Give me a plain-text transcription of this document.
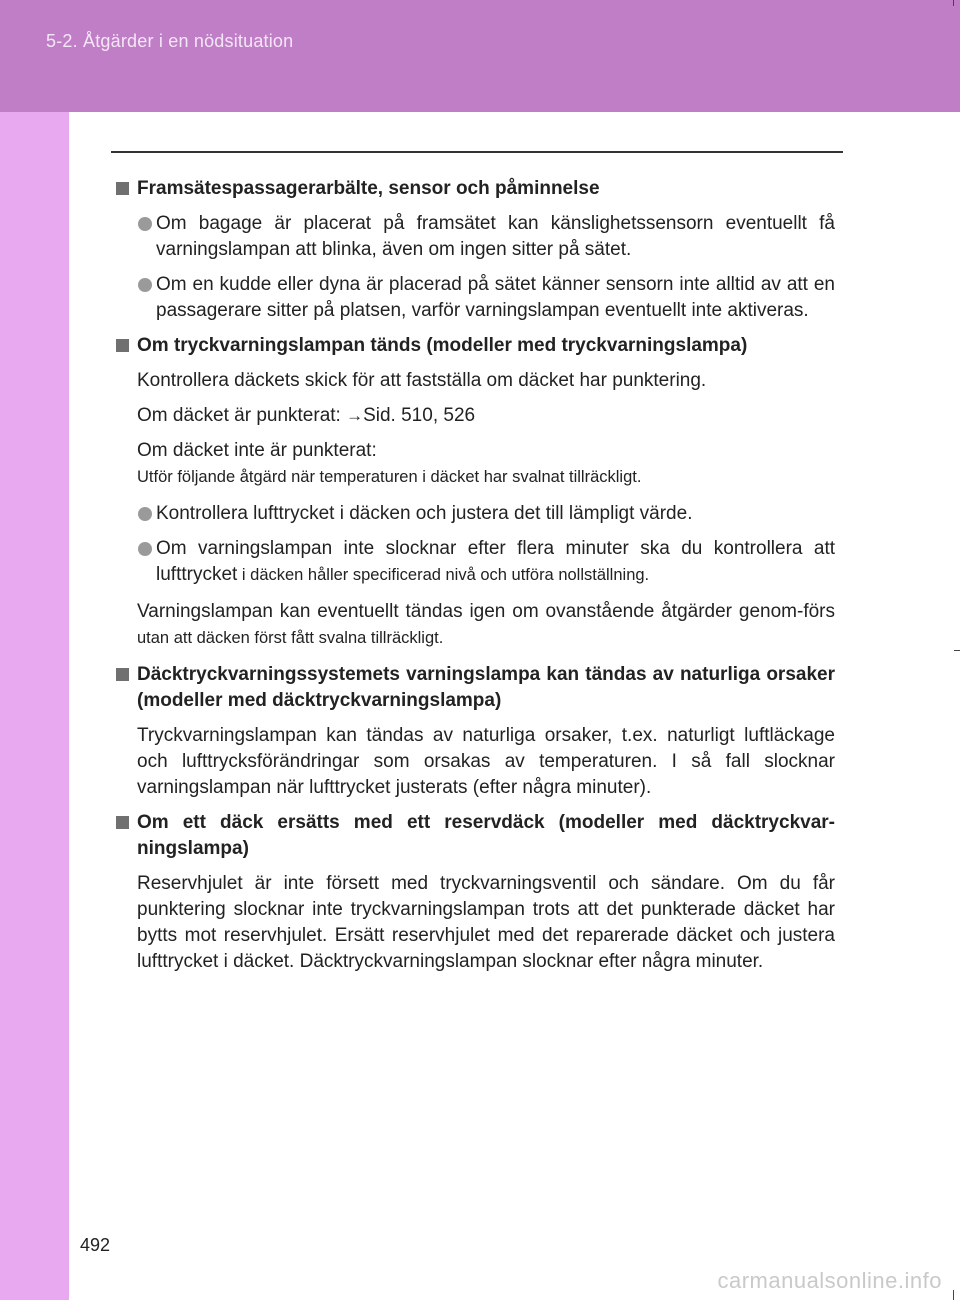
5-2. Åtgärder i en nödsituation
Framsätespassagerarbälte, sensor och påminnelse
Om bagage är placerat på framsätet kan känslighetssensorn eventuellt få varningslampan att blinka, även om ingen sitter på sätet.
Om en kudde eller dyna är placerad på sätet känner sensorn inte alltid av att en passagerare sitter på platsen, varför varningslampan eventuellt inte aktiveras.
Om tryckvarningslampan tänds (modeller med tryckvarningslampa)
Kontrollera däckets skick för att fastställa om däcket har punktering.
Om däcket är punkterat: →Sid. 510, 526
Om däcket inte är punkterat:
Utför följande åtgärd när temperaturen i däcket har svalnat tillräckligt.
Kontrollera lufttrycket i däcken och justera det till lämpligt värde.
Om varningslampan inte slocknar efter flera minuter ska du kontrollera att lufttrycket i däcken håller specificerad nivå och utföra nollställning.
Varningslampan kan eventuellt tändas igen om ovanstående åtgärder genom-förs utan att däcken först fått svalna tillräckligt.
Däcktryckvarningssystemets varningslampa kan tändas av naturliga orsaker (modeller med däcktryckvarningslampa)
Tryckvarningslampan kan tändas av naturliga orsaker, t.ex. naturligt luftläckage och lufttrycksförändringar som orsakas av temperaturen. I så fall slocknar varningslampan när lufttrycket justerats (efter några minuter).
Om ett däck ersätts med ett reservdäck (modeller med däcktryckvar-ningslampa)
Reservhjulet är inte försett med tryckvarningsventil och sändare. Om du får punktering slocknar inte tryckvarningslampan trots att det punkterade däcket har bytts mot reservhjulet. Ersätt reservhjulet med det reparerade däcket och justera lufttrycket i däcket. Däcktryckvarningslampan slocknar efter några minuter.
492
carmanualsonline.info
